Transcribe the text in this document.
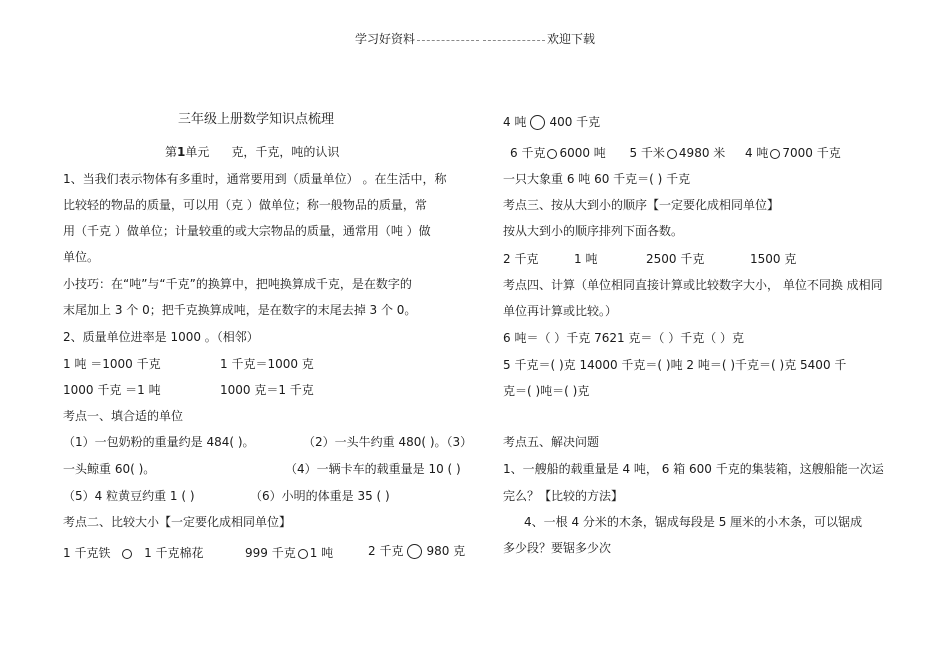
学习好资料	欢迎下载
三年级上册数学知识点梳理
第1单元 克，千克，吨的认识
1、当我们表示物体有多重时，通常要用到（质量单位） 。在生活中，称
比较轻的物品的质量，可以用（克 ）做单位；称一般物品的质量，常
用（千克 ）做单位；计量较重的或大宗物品的质量，通常用（吨 ）做
单位。
小技巧：在“吨”与“千克”的换算中，把吨换算成千克，是在数字的
末尾加上 3 个 0；把千克换算成吨，是在数字的末尾去掉 3 个 0。
2、质量单位进率是 1000 。（相邻）
1 吨 ＝1000 千克	1 千克＝1000 克
1000 千克 ＝1 吨	1000 克＝1 千克
考点一、填合适的单位
（1）一包奶粉的重量约是 484( )。	（2）一头牛约重 480( )。（3）
一头鲸重 60( )。	（4）一辆卡车的载重量是 10 ( )
（5）4 粒黄豆约重 1 ( )	（6）小明的体重是 35 ( )
考点二、比较大小【一定要化成相同单位】
1 千克铁	1 千克棉花	999 千克 1 吨	2 千克 980 克
4 吨 400 千克
6 千克 6000 吨 5 千米 4980 米 4 吨 7000 千克
一只大象重 6 吨 60 千克＝( ) 千克
考点三、按从大到小的顺序【一定要化成相同单位】
按从大到小的顺序排列下面各数。
2 千克	1 吨	2500 千克	1500 克
考点四、计算（单位相同直接计算或比较数字大小， 单位不同换 成相同
单位再计算或比较。）
6 吨＝（ ）千克 7621 克＝（ ）千克（ ）克
5 千克＝( )克 14000 千克＝( )吨 2 吨＝( )千克＝( )克 5400 千
克＝( )吨＝( )克
考点五、解决问题
1、一艘船的载重量是 4 吨， 6 箱 600 千克的集装箱，这艘船能一次运
完么？【比较的方法】
4、一根 4 分米的木条，锯成每段是 5 厘米的小木条，可以锯成
多少段？要锯多少次
